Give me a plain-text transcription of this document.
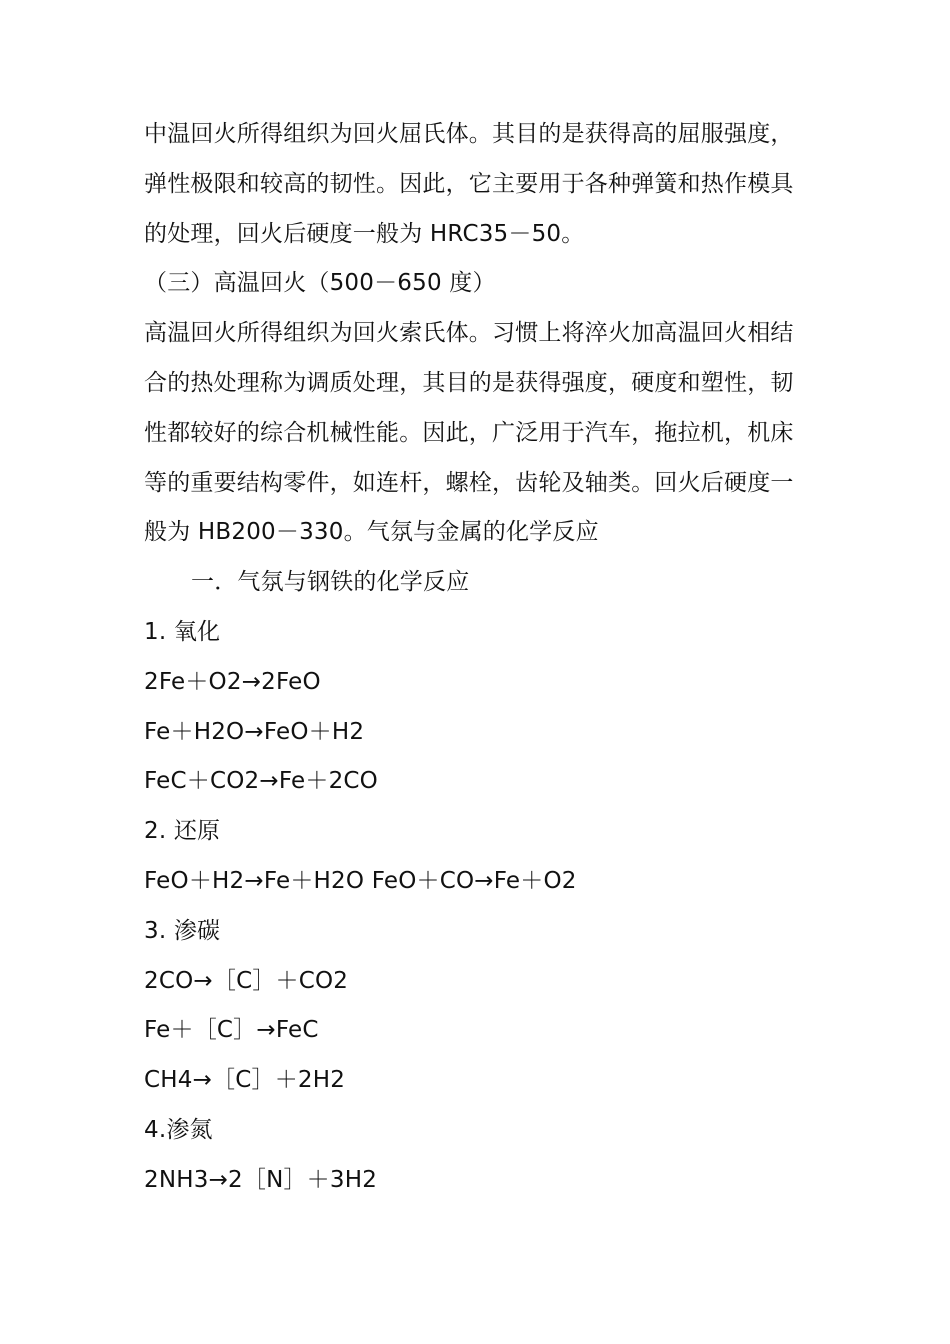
中温回火所得组织为回火屈氏体。其目的是获得高的屈服强度，
弹性极限和较高的韧性。因此，它主要用于各种弹簧和热作模具
的处理，回火后硬度一般为 HRC35－50。
（三）高温回火（500－650 度）
高温回火所得组织为回火索氏体。习惯上将淬火加高温回火相结
合的热处理称为调质处理，其目的是获得强度，硬度和塑性，韧
性都较好的综合机械性能。因此，广泛用于汽车，拖拉机，机床
等的重要结构零件，如连杆，螺栓，齿轮及轴类。回火后硬度一
般为 HB200－330。气氛与金属的化学反应
一．气氛与钢铁的化学反应
1. 氧化
2Fe＋O2→2FeO
Fe＋H2O→FeO＋H2
FeC＋CO2→Fe＋2CO
2. 还原
FeO＋H2→Fe＋H2O FeO＋CO→Fe＋O2
3. 渗碳
2CO→［C］＋CO2
Fe＋［C］→FeC
CH4→［C］＋2H2
4.渗氮
2NH3→2［N］＋3H2
